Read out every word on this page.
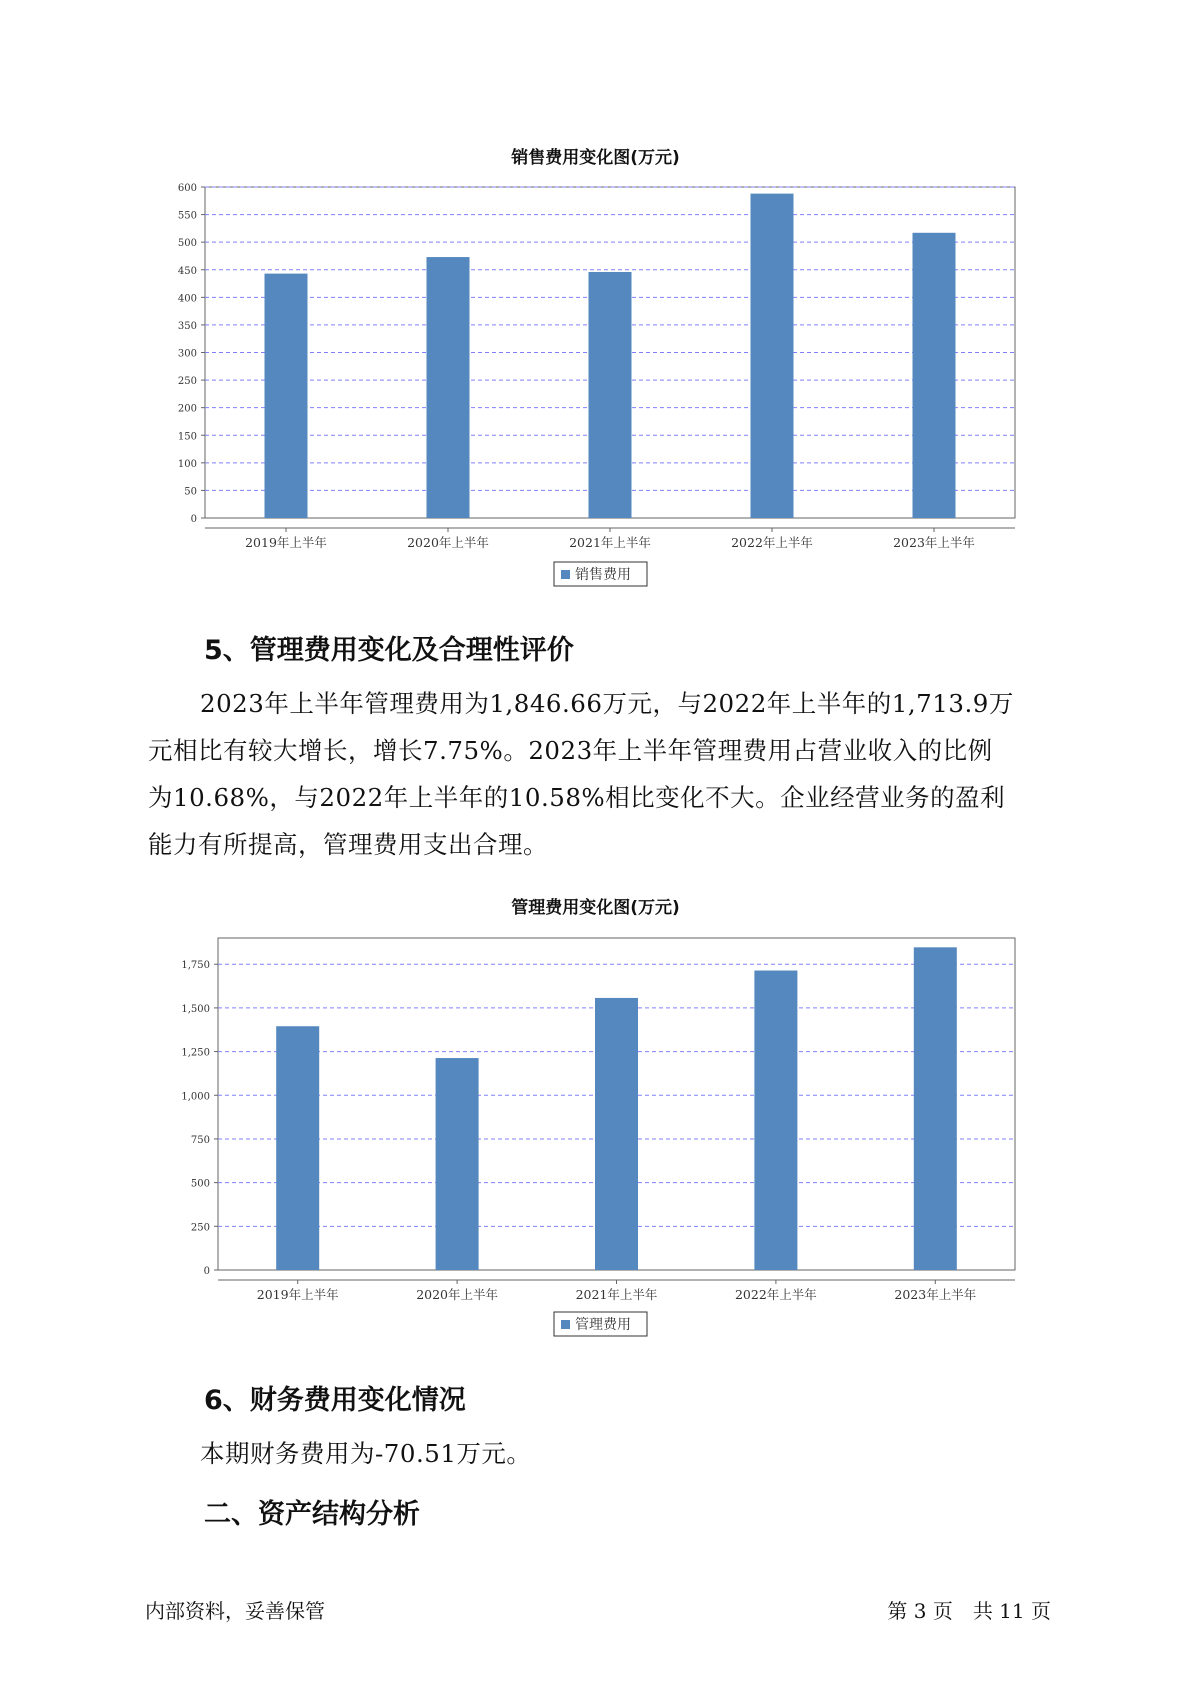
销售费用变化图(万元)
0
50
100
150
200
250
300
350
400
450
500
550
600
2019年上半年	2020年上半年	2021年上半年	2022年上半年	2023年上半年
销售费用
5、管理费用变化及合理性评价
2023年上半年管理费用为1,846.66万元，与2022年上半年的1,713.9万
元相比有较大增长，增长7.75%。2023年上半年管理费用占营业收入的比例
为10.68%，与2022年上半年的10.58%相比变化不大。企业经营业务的盈利
能力有所提高，管理费用支出合理。
管理费用变化图(万元)
0
250
500
750
1,000
1,250
1,500
1,750
2019年上半年	2020年上半年	2021年上半年	2022年上半年	2023年上半年
管理费用
6、财务费用变化情况
本期财务费用为-70.51万元。
二、资产结构分析
内部资料，妥善保管	第 3 页　共 11 页
